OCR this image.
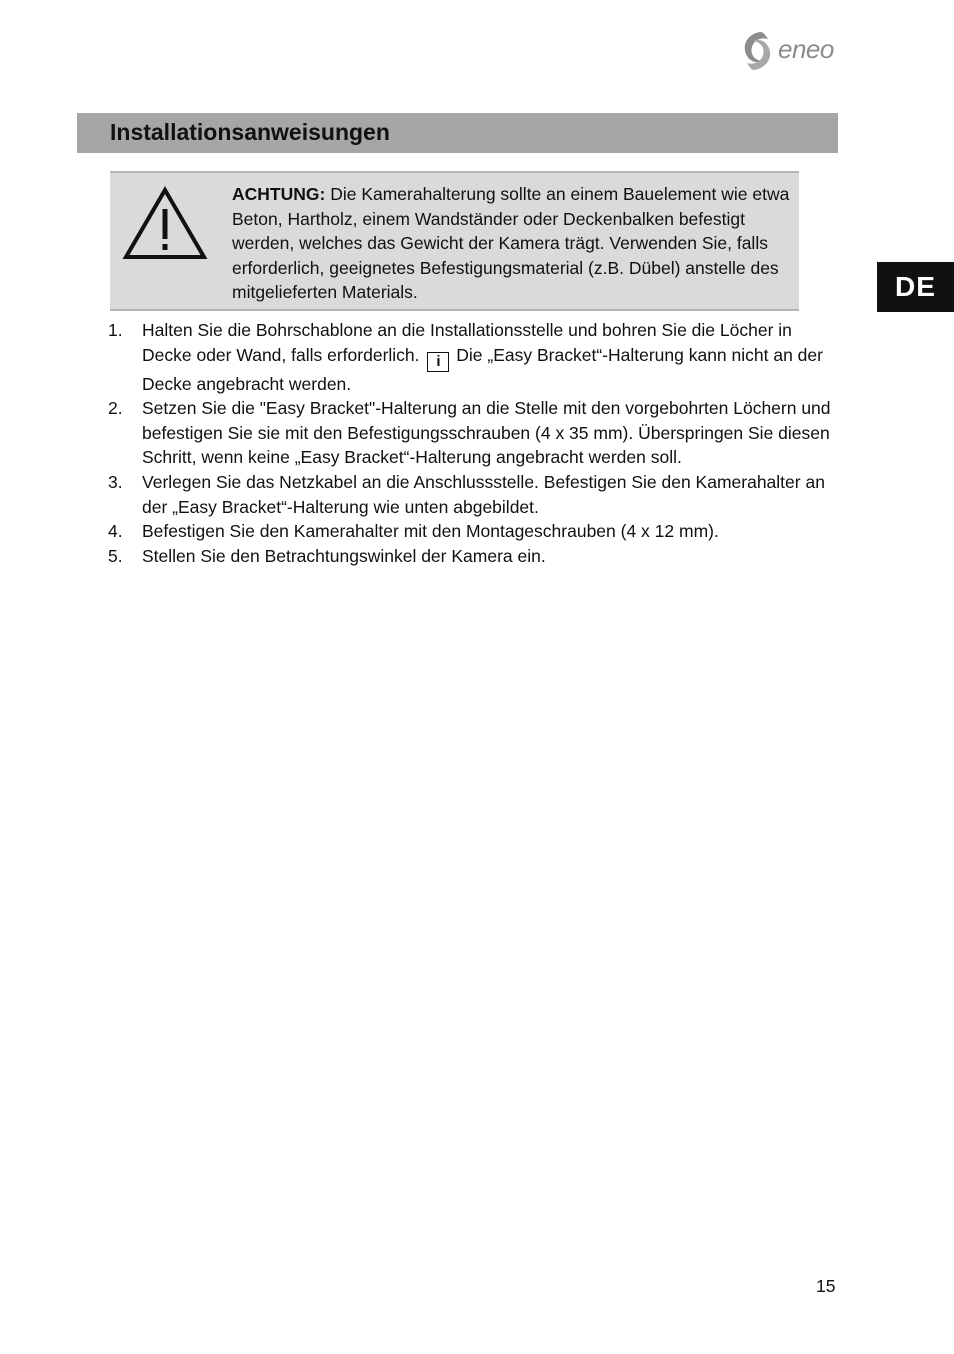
eneo
Installationsanweisungen

ACHTUNG: Die Kamerahalterung sollte an einem Bauelement wie etwa Beton, Hartholz, einem Wandständer oder Deckenbalken befestigt werden, welches das Gewicht der Kamera trägt. Verwenden Sie, falls erforderlich, geeignetes Befestigungsmaterial (z.B. Dübel) anstelle des mitgelieferten Materials.

1. Halten Sie die Bohrschablone an die Installationsstelle und bohren Sie die Löcher in Decke oder Wand, falls erforderlich. i Die „Easy Bracket“-Halterung kann nicht an der Decke angebracht werden.
2. Setzen Sie die "Easy Bracket"-Halterung an die Stelle mit den vorgebohrten Löchern und befestigen Sie sie mit den Befestigungsschrauben (4 x 35 mm). Überspringen Sie diesen Schritt, wenn keine „Easy Bracket“-Halterung angebracht werden soll.
3. Verlegen Sie das Netzkabel an die Anschlussstelle. Befestigen Sie den Kamerahalter an der „Easy Bracket“-Halterung wie unten abgebildet.
4. Befestigen Sie den Kamerahalter mit den Montageschrauben (4 x 12 mm).
5. Stellen Sie den Betrachtungswinkel der Kamera ein.
DE
15
